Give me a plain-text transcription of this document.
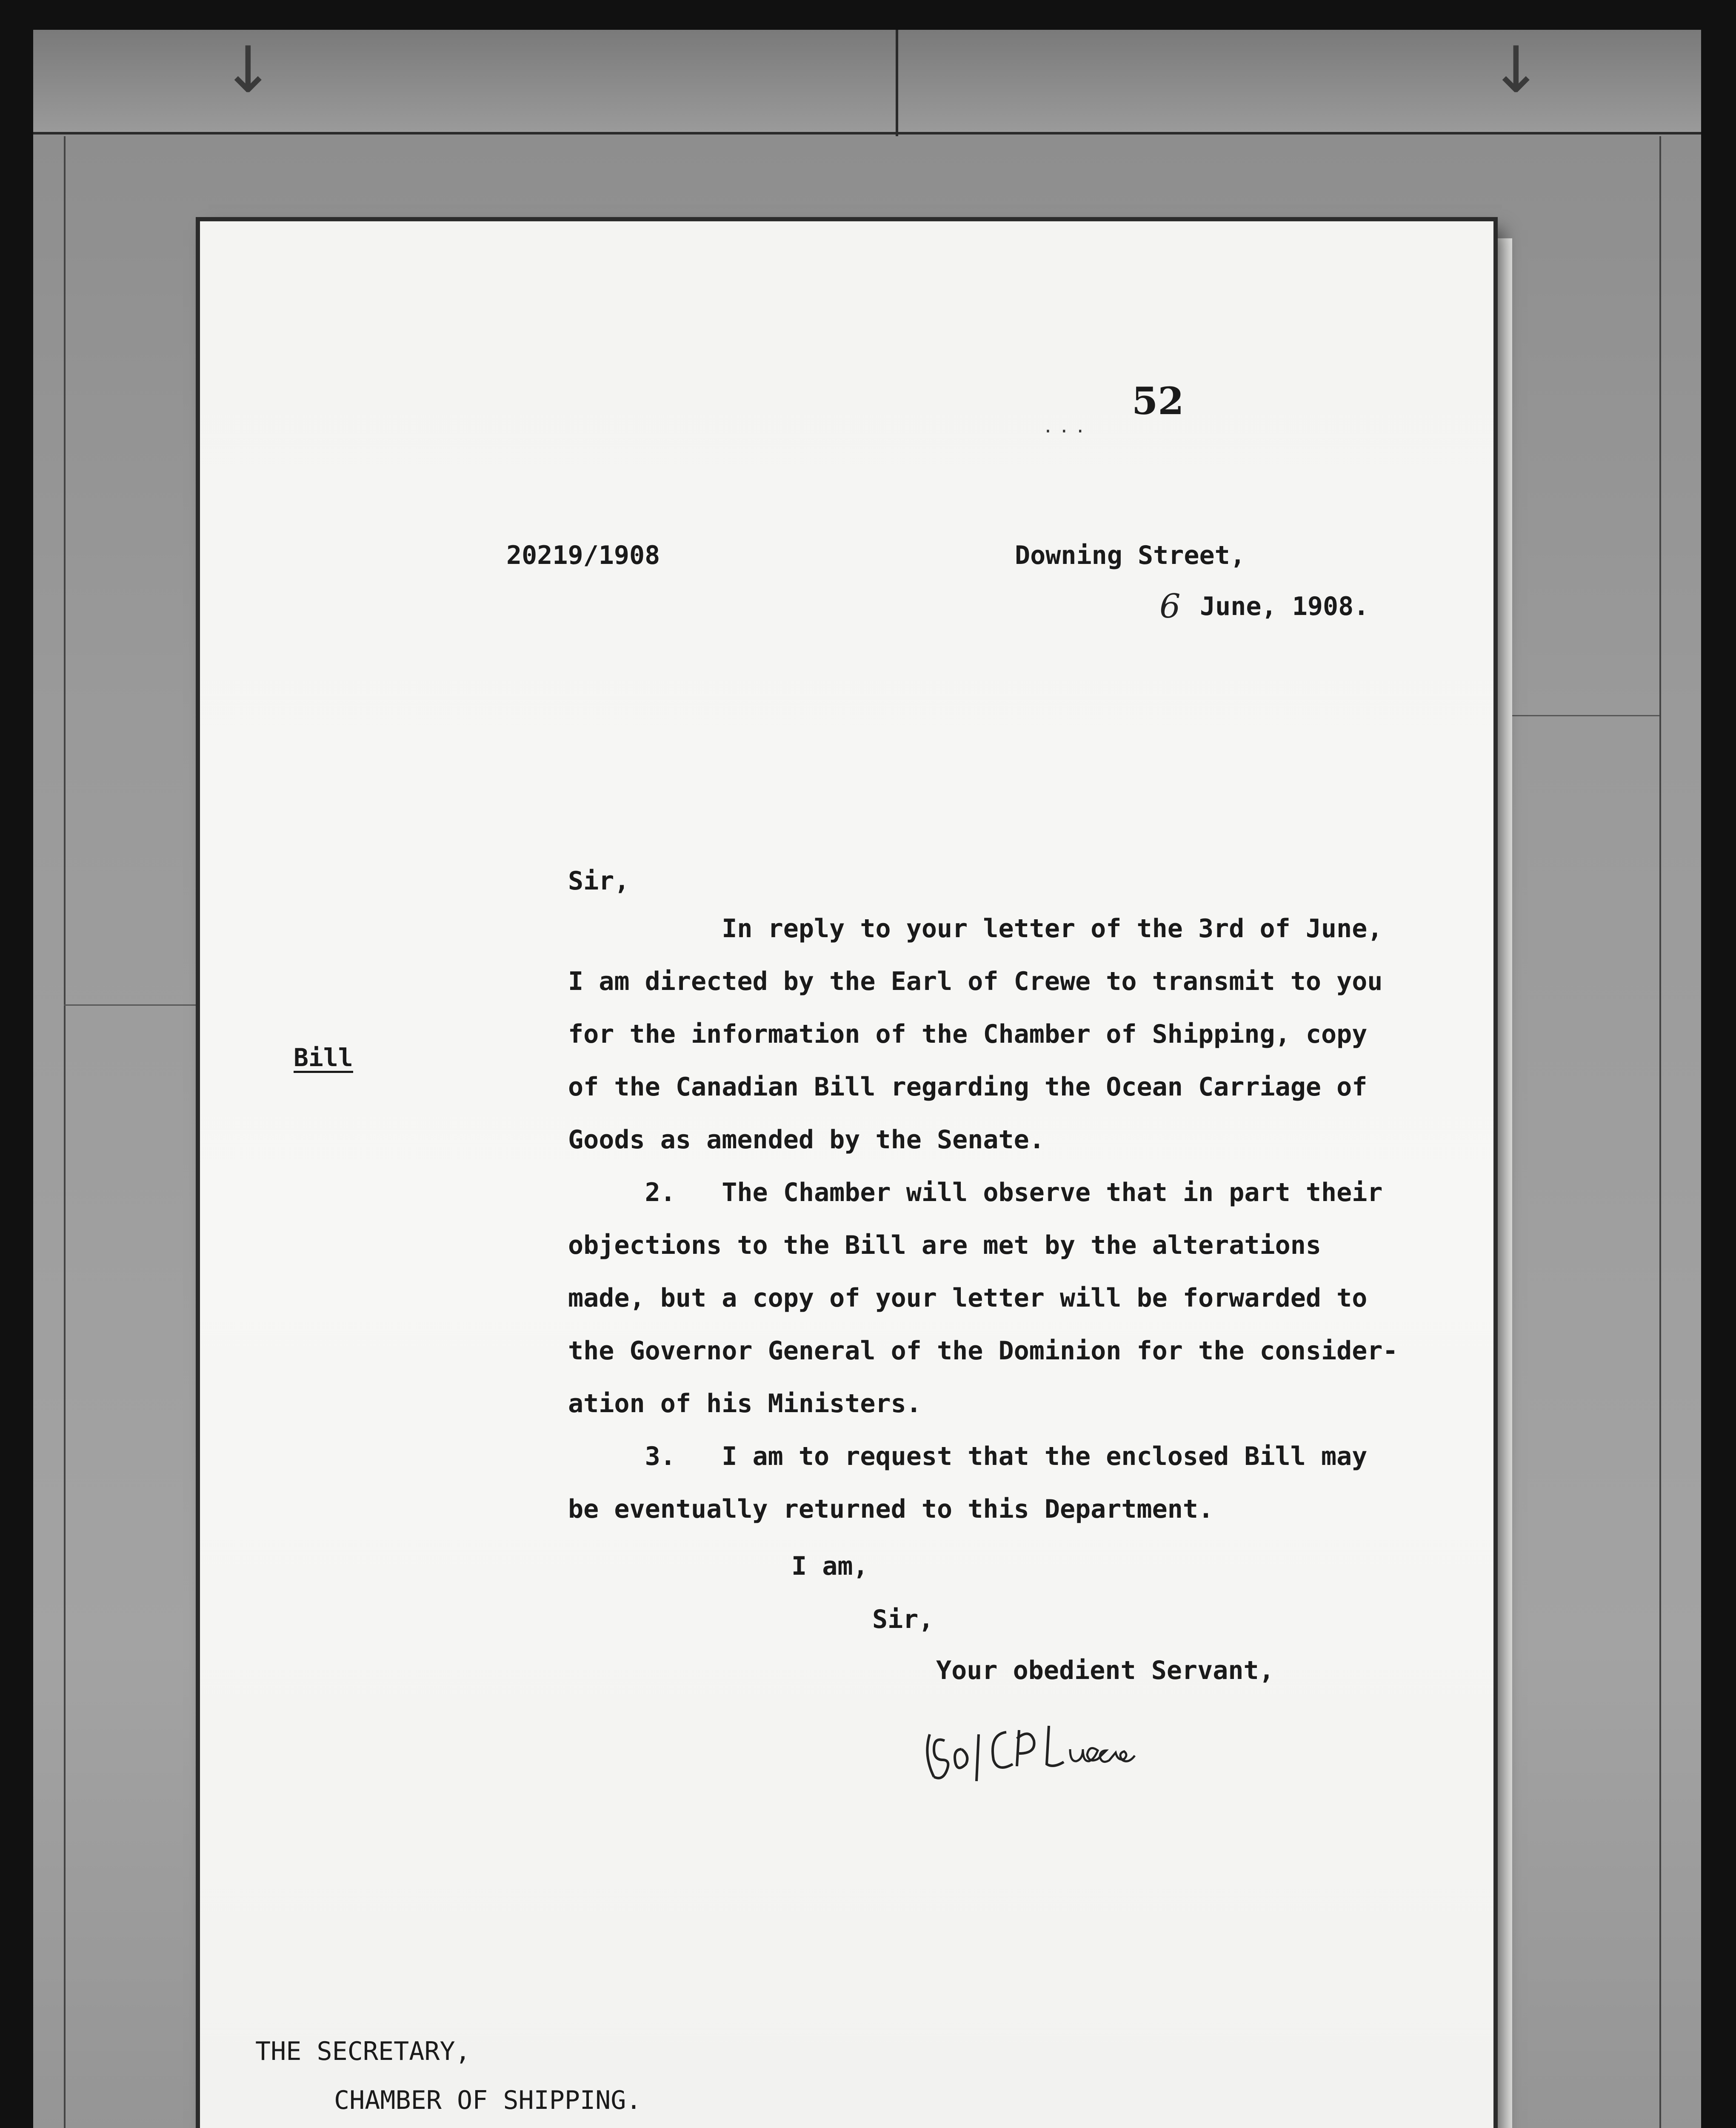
↓	↓
...
52
20219/1908	Downing Street,
6 June, 1908.
Sir,
Bill
In reply to your letter of the 3rd of June,
I am directed by the Earl of Crewe to transmit to you
for the information of the Chamber of Shipping, copy
of the Canadian Bill regarding the Ocean Carriage of
Goods as amended by the Senate.
2.   The Chamber will observe that in part their
objections to the Bill are met by the alterations
made, but a copy of your letter will be forwarded to
the Governor General of the Dominion for the consider-
ation of his Ministers.
3.   I am to request that the enclosed Bill may
be eventually returned to this Department.
I am,
Sir,
Your obedient Servant,
THE SECRETARY,
CHAMBER OF SHIPPING.
